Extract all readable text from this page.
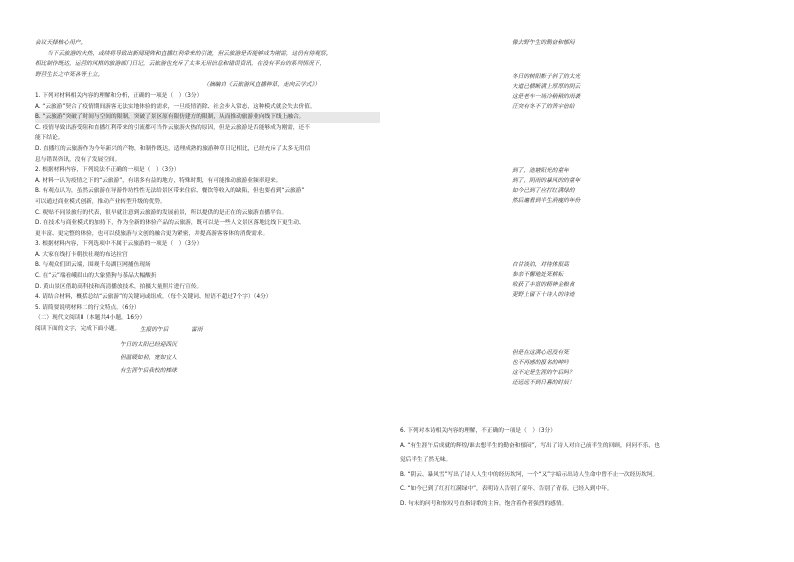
会议天择核心用户。
当下云旅游的火热，或续将导致出新闻现阵和直播红利带来的引流，但云旅游是否能够成为刚需，这仍有待观察。
相比制作既达，运营的风格的旅游部门日记，云旅游也充斥了太多无用信息和错误资讯，在没有平台的系列情况下，
野营生长之中死各等土立。
（摘编自《云旅游风直播种草，走向云学式》）
1. 下列对材料相关内容的理解和分析，正确的一项是（　）（3分）
A. “云旅游”契合了疫情期间游客无法实地体验的需求，一旦疫情消除、社会步入常态，这种模式就会失去价值。
B. “云旅游”突破了时间与空间的限制，突破了景区原有限仿建方的限制，从而推动旅游业向线下线上融合。
C. 疫情导致出游受阻和直播红利带来的引流都可当作云旅游火热的原因，但是云旅游是否能够成为刚需，还不
能下结论。
D. 直播红的云旅游作为今年新兴的产物，和制作既达，适理成熟的旅游种草日记相比，已经充斥了太多无用信
息与错误咨讯，没有了发展空间。
2. 根据材料内容，下列说法不正确的一项是（　）（3分）
A. 材料一认为疫情之下的“云旅游”，有诸多有益的地方，特殊时期，有可能推动旅游业频率迎来。
B. 有观点认为，虽然云旅游在导游作坊性性无法给景区带来住宿、餐饮等收入的缺陷，但也要看到“云旅游”
可以通过商业模式创新，推动产业转型升级的优势。
C. 税贴不同景旅行的代表，很早就注意到云旅游的发展前景，所以提供的是正在的云旅游直播平台。
D. 在技术与商业模式的加持下，作为全新的体验产品的云旅游，既可以是一些人文景区落地比线下更生动、
更丰富、更完整的体验，也可以使旅游与文创的融合更为紧密，并提高游客客体的消费需求。
3. 根据材料内容，下列选项中不属于云旅游的一项是（　）（3分）
A. 大家在线打卡朝扶社观的布达拉宫
B. 与观众们团云端，围观千岛湖巨网捕鱼现场
C. 在“云”端看峨眉山的大象猎狗与茶品大幅酸折
D. 黄山景区借助高科技和高清播放技术，拍摄大量照片进行宣传。
4. 请结合材料，概括总结“云旅游”的关键词或组成。（每个关键词、短语不超过7个字）（4分）
5. 请简要说明材料二的行文特点。（6分）
（二）现代文阅读Ⅱ（本题共4小题，16分）
阅读下面的文字，完成下面小题。	生报的午后　　　　雷雨
午日的太阳已经迎西沉
但温暖如初，宽如宜人
有生涯午后我校的棒球
像去野午生的勤奋和郁闷
冬日的树阳影子斜了的太光
大道已横断满上厚厚的阴云
这是老车一场冷稍稍的雨袭
汪突有冬不了的苦宇倍给
到了，池塘阳光的童年
到了，阴雨的暴风的的童年
如今已到了应打红满绿的
然后遍看到半生消瘦的年份
自甘淡泊，对待体很高
参亲不懈地处死耕耘
收获了丰富的精神金粮食
更野上留下十诗人的诗迹
但是在这满心迟没有死
也不再感的报名的呻吟
这不定是生涯的午后吗？
还远远不到日暮的时辰！
6. 下列对本诗相关内容的理解，不正确的一项是（　）（3分）
A. “有生涯午后成就的辉煌/谁去想半生的勤奋和郁闷”，写出了诗人对自己前半生的回顾，问问不乐，也
觉后半生了然无味。
B. “阴云、暴风雪”写出了诗人人生中的经历坎坷，一个“又”字暗示出诗人生命中曾不止一次经历坎坷。
C. “如今已到了红打红满绿中”，表明诗人告别了童年、告别了青春，已经入到中年。
D. 句末的问号和惊叹号直指诗歌的主旨，饱含着作者强烈的感情。
